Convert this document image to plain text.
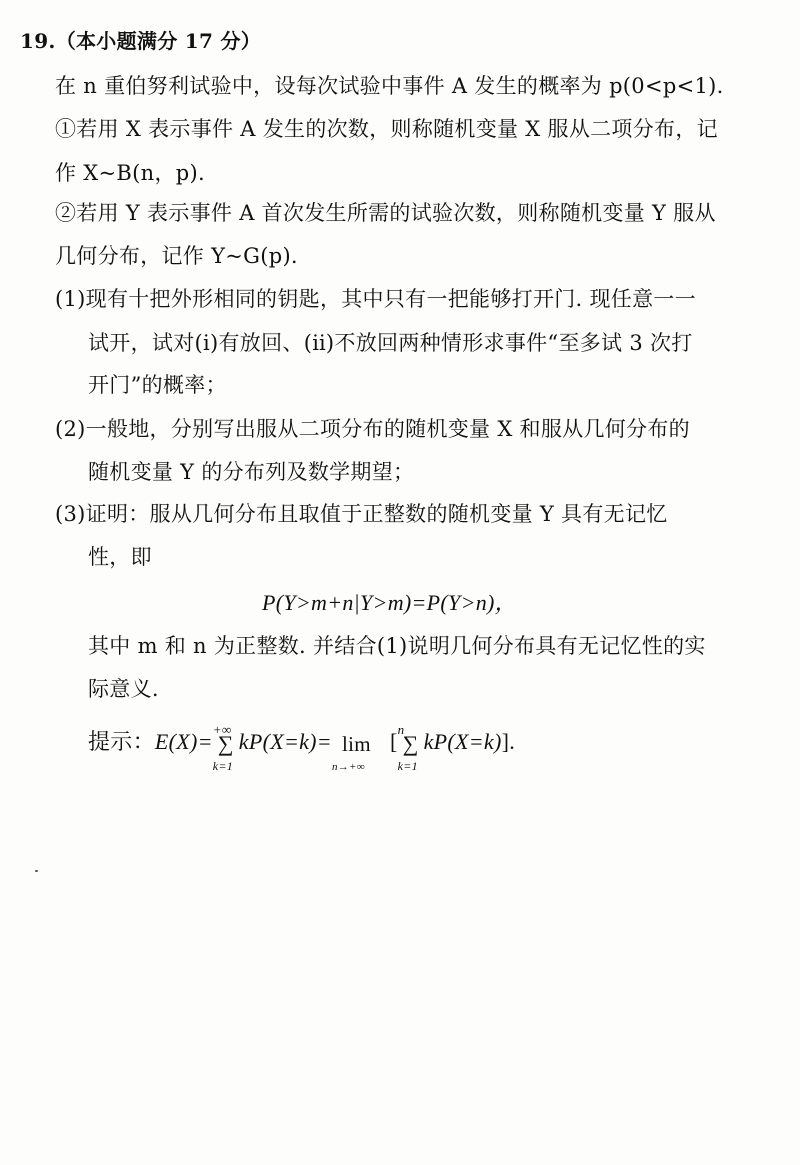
19.（本小题满分 17 分）
在 n 重伯努利试验中，设每次试验中事件 A 发生的概率为 p(0<p<1).
①若用 X 表示事件 A 发生的次数，则称随机变量 X 服从二项分布，记
作 X~B(n，p).
②若用 Y 表示事件 A 首次发生所需的试验次数，则称随机变量 Y 服从
几何分布，记作 Y~G(p).
(1)现有十把外形相同的钥匙，其中只有一把能够打开门. 现任意一一
试开，试对(ⅰ)有放回、(ⅱ)不放回两种情形求事件“至多试 3 次打
开门”的概率；
(2)一般地，分别写出服从二项分布的随机变量 X 和服从几何分布的
随机变量 Y 的分布列及数学期望；
(3)证明：服从几何分布且取值于正整数的随机变量 Y 具有无记忆
性，即
P(Y>m+n|Y>m)=P(Y>n)，
其中 m 和 n 为正整数. 并结合(1)说明几何分布具有无记忆性的实
际意义.
提示：E(X)= +∞
∑
k=1
kP(X=k)= lim
n→+∞
[ n
∑
k=1
kP(X=k)].
